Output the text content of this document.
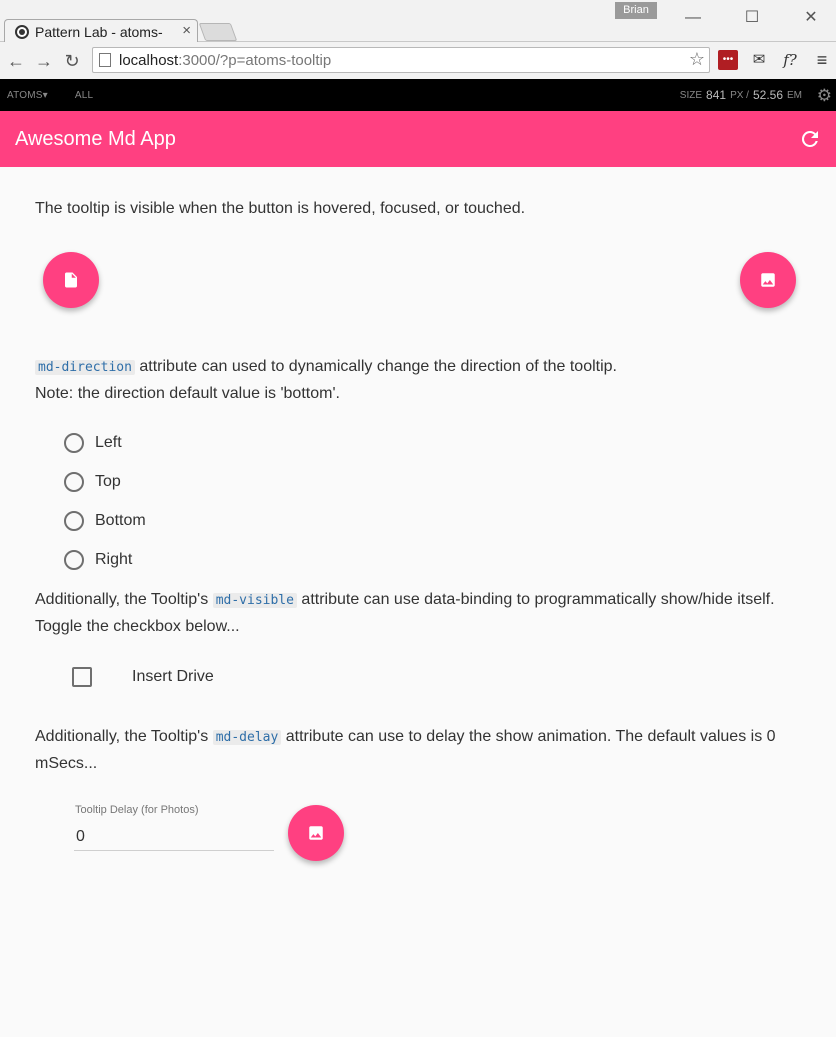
Pattern Lab - atoms-	×
Brian	—	☐	✕
← → ↻	localhost :3000/?p=atoms-tooltip	☆	•••	✉ f? ≡
ATOMS▾	ALL	SIZE 841 PX / 52.56 EM ⚙
Awesome Md App
The tooltip is visible when the button is hovered, focused, or touched.
md-direction attribute can used to dynamically change the direction of the tooltip.
Note: the direction default value is 'bottom'.
Left
Top
Bottom
Right
Additionally, the Tooltip's md-visible attribute can use data-binding to programmatically show/hide itself.
Toggle the checkbox below...
Insert Drive
Additionally, the Tooltip's md-delay attribute can use to delay the show animation. The default values is 0
mSecs...
Tooltip Delay (for Photos)
0
